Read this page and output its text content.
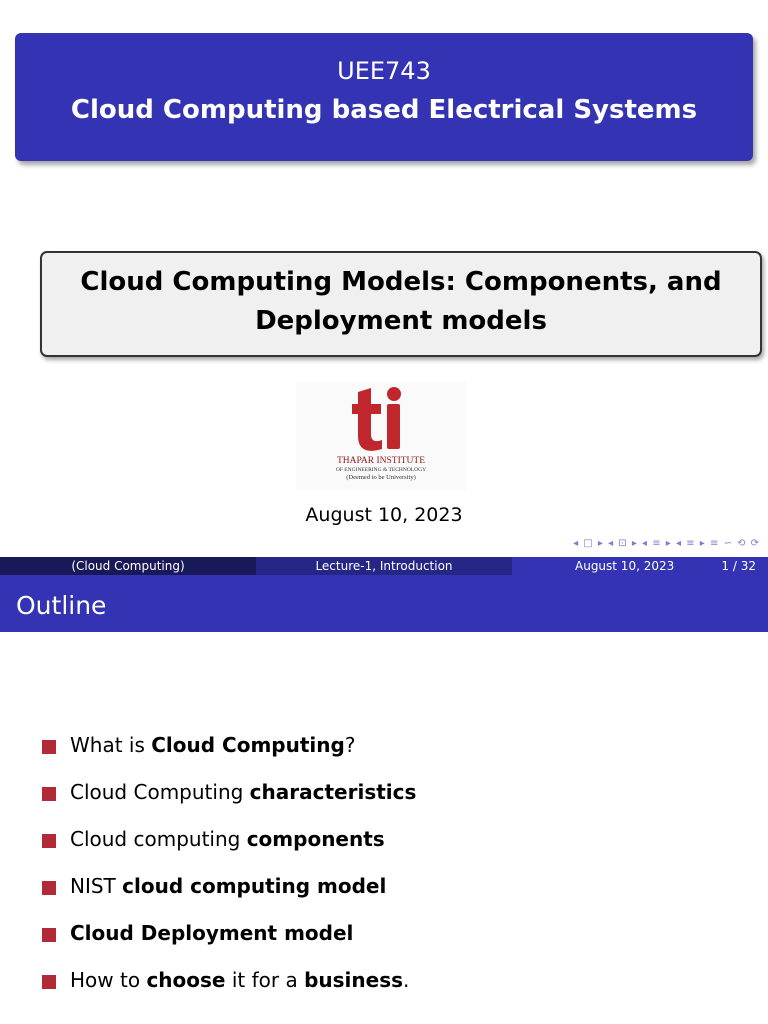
UEE743
Cloud Computing based Electrical Systems
Cloud Computing Models: Components, and
Deployment models
THAPAR INSTITUTE
OF ENGINEERING & TECHNOLOGY
(Deemed to be University)
August 10, 2023
◂ □ ▸ ◂ ⊡ ▸ ◂ ≡ ▸ ◂ ≡ ▸ ≡ ∽ ⟲ ⟳
(Cloud Computing)	Lecture-1, Introduction	August 10, 2023	1 / 32
Outline
What is Cloud Computing?
Cloud Computing characteristics
Cloud computing components
NIST cloud computing model
Cloud Deployment model
How to choose it for a business.
